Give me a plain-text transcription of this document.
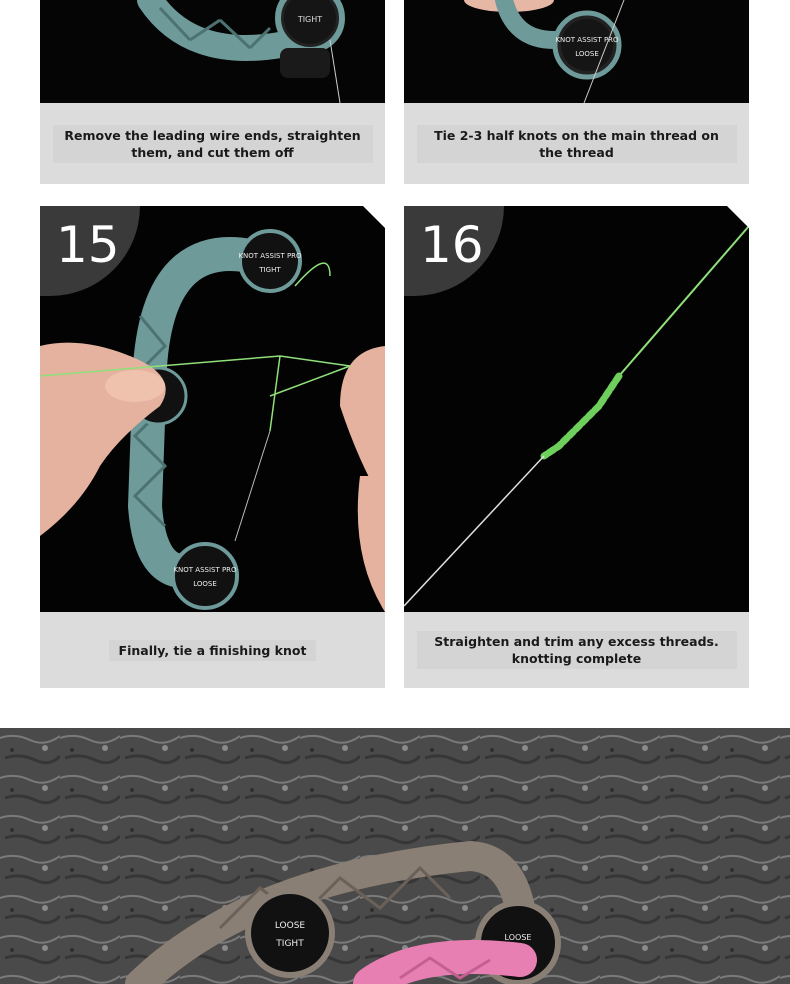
TIGHT
Remove the leading wire ends, straighten them, and cut them off
KNOT ASSIST PRO
LOOSE
Tie 2-3 half knots on the main thread on the thread
KNOT ASSIST PRO
TIGHT
KNOT ASSIST PRO
LOOSE
15
Finally, tie a finishing knot
16
Straighten and trim any excess threads. knotting complete
LOOSE
TIGHT
LOOSE
TIGHT
